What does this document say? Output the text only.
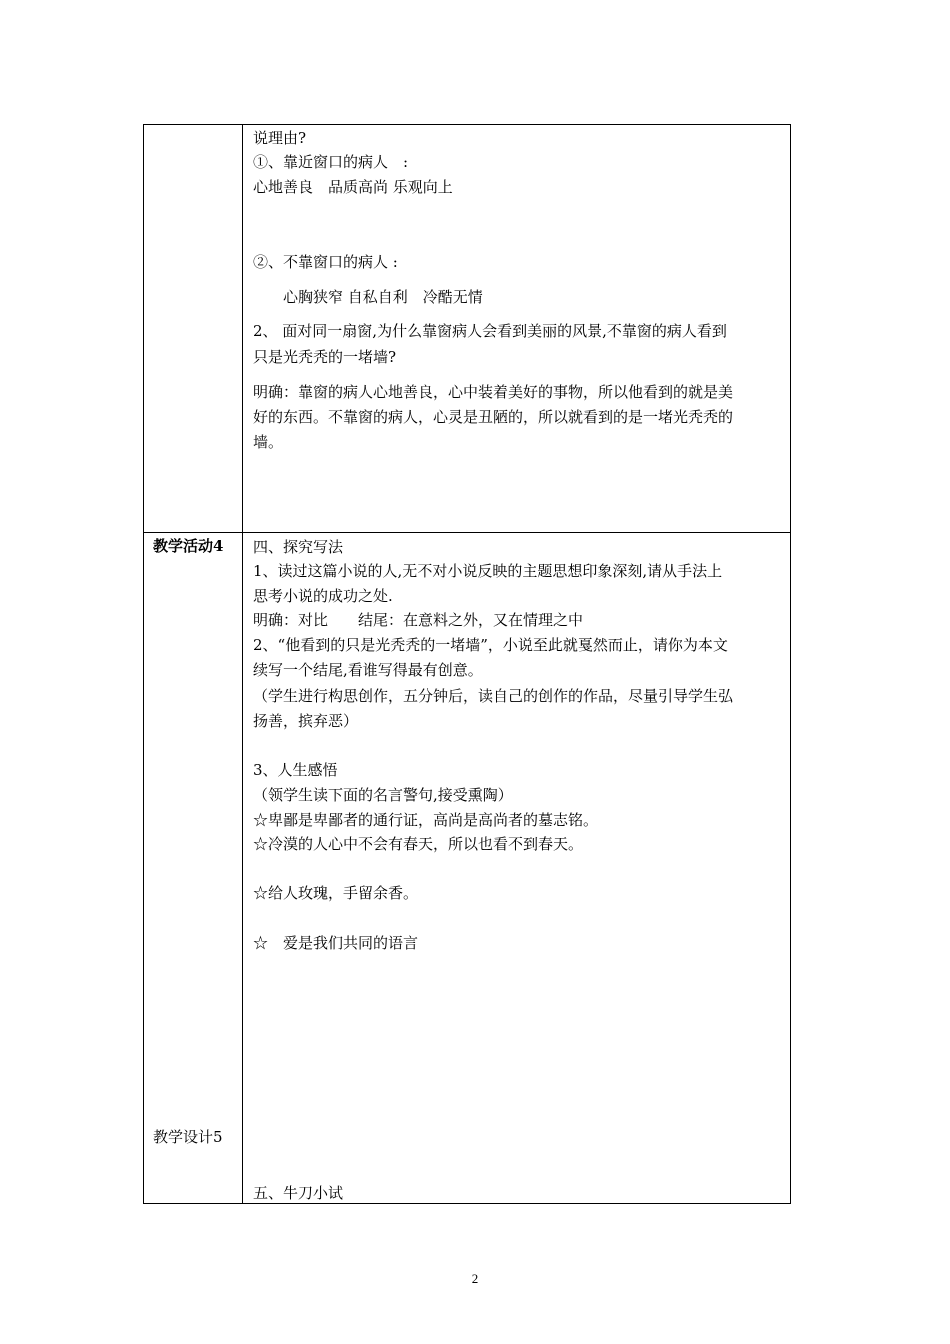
说理由?
①、靠近窗口的病人　:
心地善良　品质高尚 乐观向上
②、不靠窗口的病人 :
　　心胸狭窄 自私自利　冷酷无情
2、 面对同一扇窗,为什么靠窗病人会看到美丽的风景,不靠窗的病人看到
只是光秃秃的一堵墙?
明确：靠窗的病人心地善良，心中装着美好的事物，所以他看到的就是美
好的东西。不靠窗的病人，心灵是丑陋的，所以就看到的是一堵光秃秃的
墙。
教学活动4
教学设计5
四、探究写法
1、读过这篇小说的人,无不对小说反映的主题思想印象深刻,请从手法上
思考小说的成功之处.
明确：对比　　结尾：在意料之外，又在情理之中
2、“他看到的只是光秃秃的一堵墙”，小说至此就戛然而止，请你为本文
续写一个结尾,看谁写得最有创意。
（学生进行构思创作，五分钟后，读自己的创作的作品，尽量引导学生弘
扬善，摈弃恶）
3、人生感悟
（领学生读下面的名言警句,接受熏陶）
☆卑鄙是卑鄙者的通行证，高尚是高尚者的墓志铭。
☆冷漠的人心中不会有春天，所以也看不到春天。
☆给人玫瑰，手留余香。
☆　爱是我们共同的语言
五、牛刀小试
2
